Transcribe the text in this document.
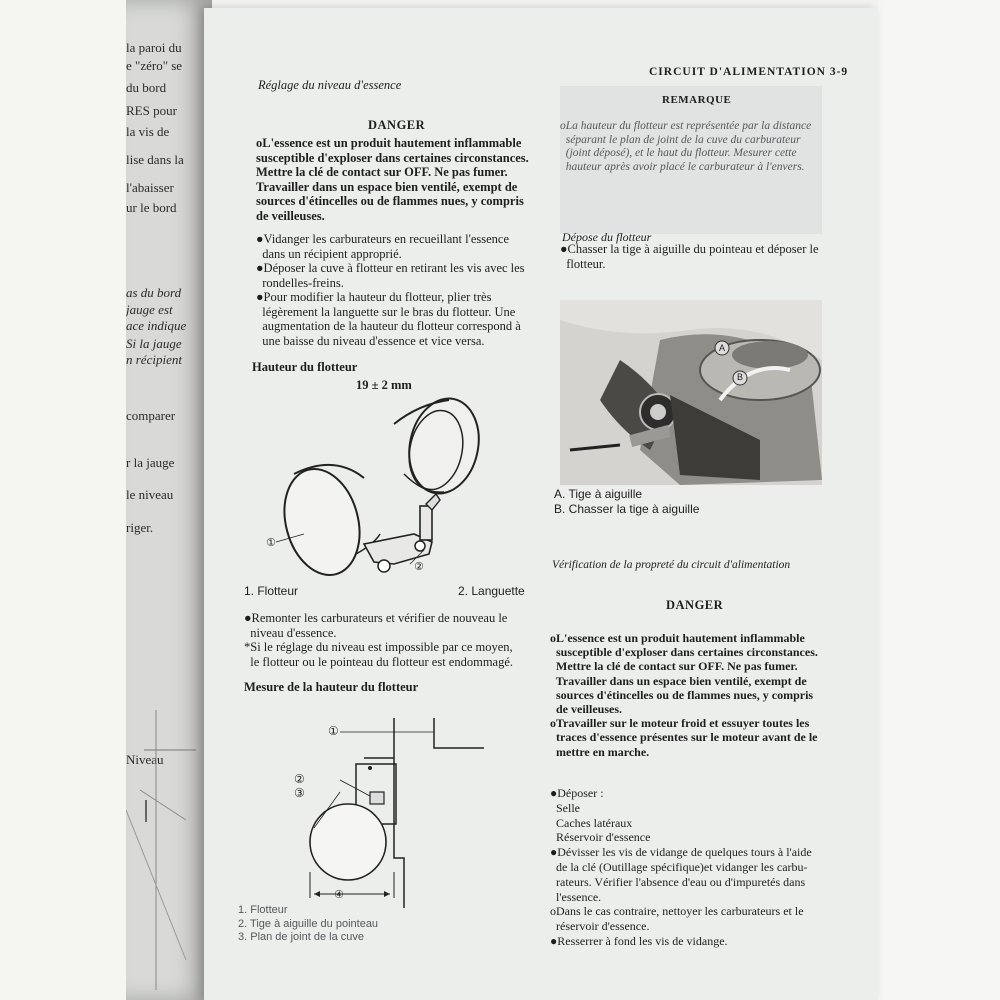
la paroi du
e "zéro" se
du bord
RES pour
la vis de
lise dans la
l'abaisser
ur le bord
as du bord
jauge est
ace indique
Si la jauge
n récipient
comparer
r la jauge
le niveau
riger.
Niveau
Réglage du niveau d'essence
CIRCUIT D'ALIMENTATION 3-9
DANGER
oL'essence est un produit hautement inflammable
susceptible d'exploser dans certaines circonstances.
Mettre la clé de contact sur OFF. Ne pas fumer.
Travailler dans un espace bien ventilé, exempt de
sources d'étincelles ou de flammes nues, y compris
de veilleuses.
●Vidanger les carburateurs en recueillant l'essence
dans un récipient approprié.
●Déposer la cuve à flotteur en retirant les vis avec les
rondelles-freins.
●Pour modifier la hauteur du flotteur, plier très
légèrement la languette sur le bras du flotteur. Une
augmentation de la hauteur du flotteur correspond à
une baisse du niveau d'essence et vice versa.
Hauteur du flotteur
19 ± 2 mm
①
②
1. Flotteur	2. Languette
●Remonter les carburateurs et vérifier de nouveau le
niveau d'essence.
*Si le réglage du niveau est impossible par ce moyen,
le flotteur ou le pointeau du flotteur est endommagé.
Mesure de la hauteur du flotteur
①
②
③
④
1. Flotteur
2. Tige à aiguille du pointeau
3. Plan de joint de la cuve
REMARQUE
oLa hauteur du flotteur est représentée par la distance
séparant le plan de joint de la cuve du carburateur
(joint déposé), et le haut du flotteur. Mesurer cette
hauteur après avoir placé le carburateur à l'envers.
Dépose du flotteur
●Chasser la tige à aiguille du pointeau et déposer le
flotteur.
A
B
A. Tige à aiguille
B. Chasser la tige à aiguille
Vérification de la propreté du circuit d'alimentation
DANGER
oL'essence est un produit hautement inflammable
susceptible d'exploser dans certaines circonstances.
Mettre la clé de contact sur OFF. Ne pas fumer.
Travailler dans un espace bien ventilé, exempt de
sources d'étincelles ou de flammes nues, y compris
de veilleuses.
oTravailler sur le moteur froid et essuyer toutes les
traces d'essence présentes sur le moteur avant de le
mettre en marche.
●Déposer :
Selle
Caches latéraux
Réservoir d'essence
●Dévisser les vis de vidange de quelques tours à l'aide
de la clé (Outillage spécifique)et vidanger les carbu-
rateurs. Vérifier l'absence d'eau ou d'impuretés dans
l'essence.
oDans le cas contraire, nettoyer les carburateurs et le
réservoir d'essence.
●Resserrer à fond les vis de vidange.
